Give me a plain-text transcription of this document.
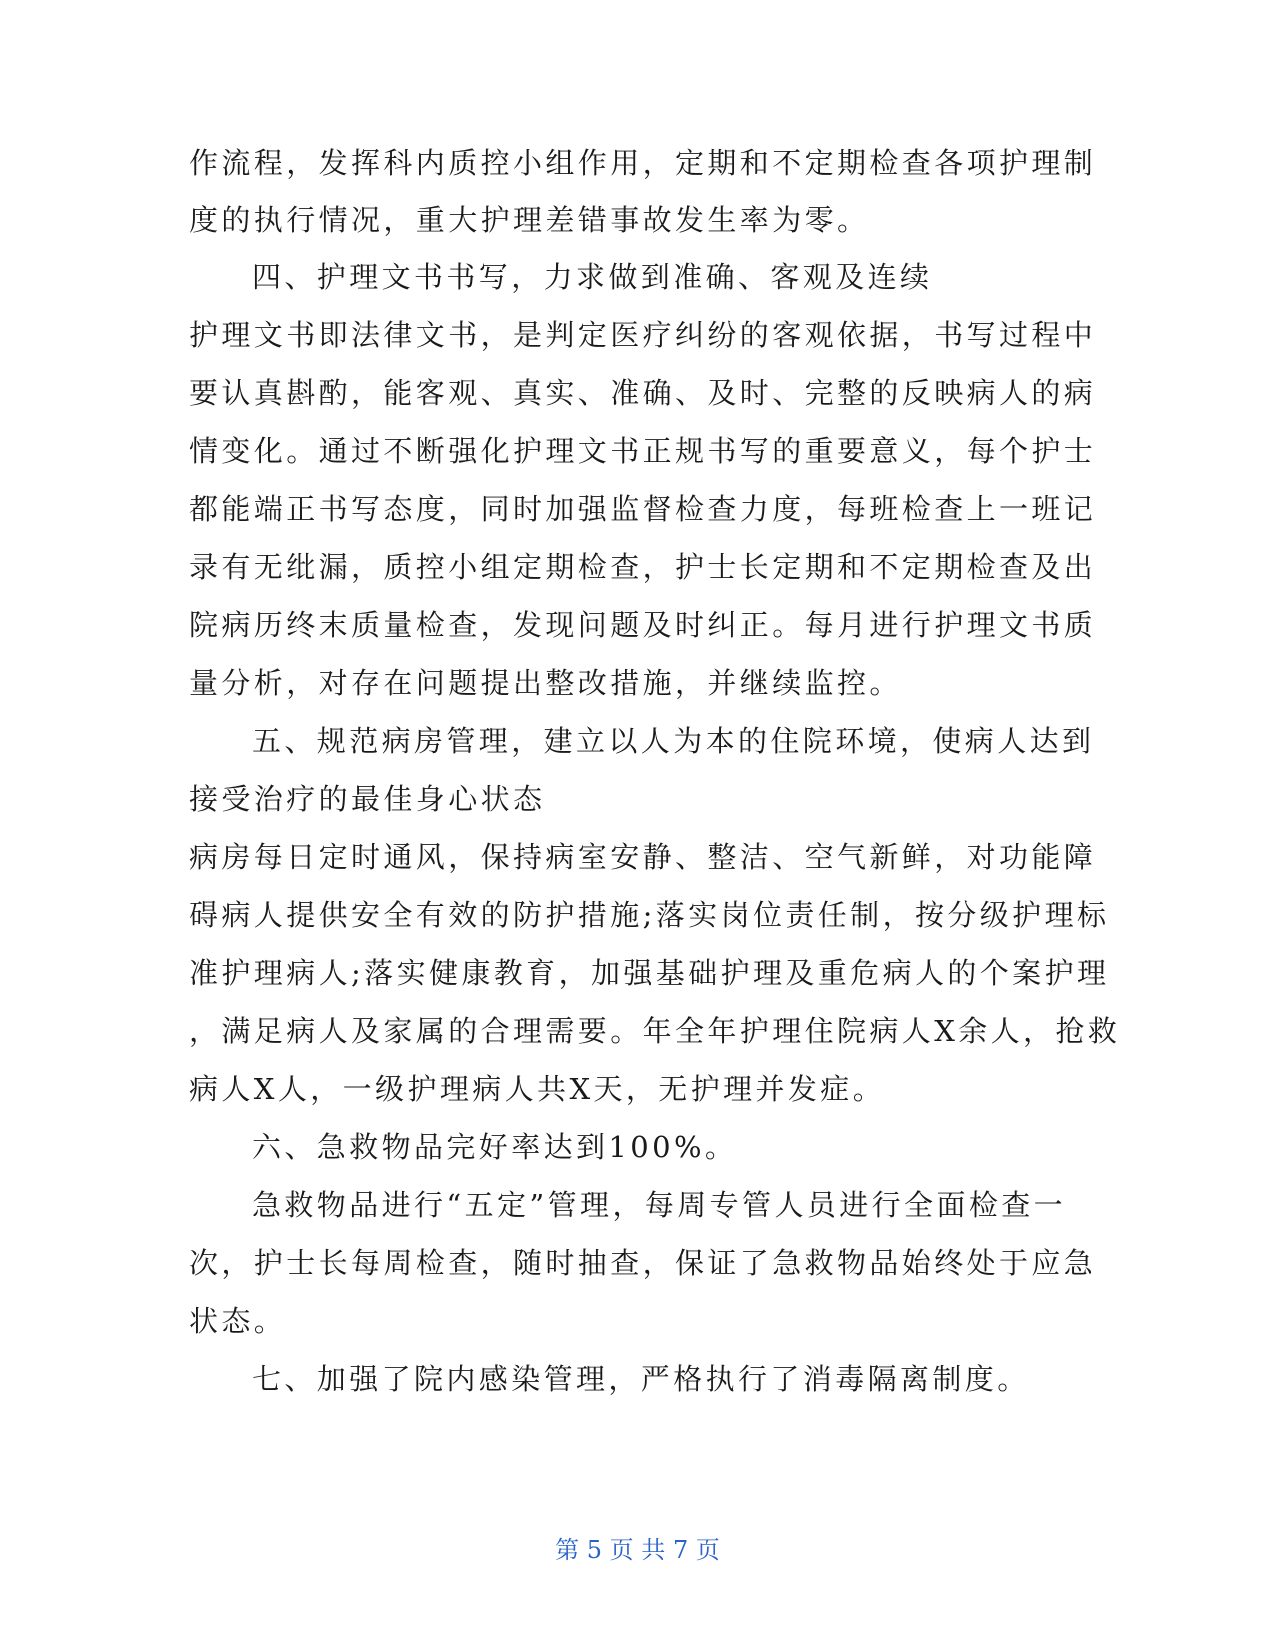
作流程，发挥科内质控小组作用，定期和不定期检查各项护理制
度的执行情况，重大护理差错事故发生率为零。
四、护理文书书写，力求做到准确、客观及连续
护理文书即法律文书，是判定医疗纠纷的客观依据，书写过程中
要认真斟酌，能客观、真实、准确、及时、完整的反映病人的病
情变化。通过不断强化护理文书正规书写的重要意义，每个护士
都能端正书写态度，同时加强监督检查力度，每班检查上一班记
录有无纰漏，质控小组定期检查，护士长定期和不定期检查及出
院病历终末质量检查，发现问题及时纠正。每月进行护理文书质
量分析，对存在问题提出整改措施，并继续监控。
五、规范病房管理，建立以人为本的住院环境，使病人达到
接受治疗的最佳身心状态
病房每日定时通风，保持病室安静、整洁、空气新鲜，对功能障
碍病人提供安全有效的防护措施;落实岗位责任制，按分级护理标
准护理病人;落实健康教育，加强基础护理及重危病人的个案护理
，满足病人及家属的合理需要。年全年护理住院病人X余人，抢救
病人X人，一级护理病人共X天，无护理并发症。
六、急救物品完好率达到100%。
急救物品进行“五定”管理，每周专管人员进行全面检查一
次，护士长每周检查，随时抽查，保证了急救物品始终处于应急
状态。
七、加强了院内感染管理，严格执行了消毒隔离制度。
第 5 页 共 7 页
